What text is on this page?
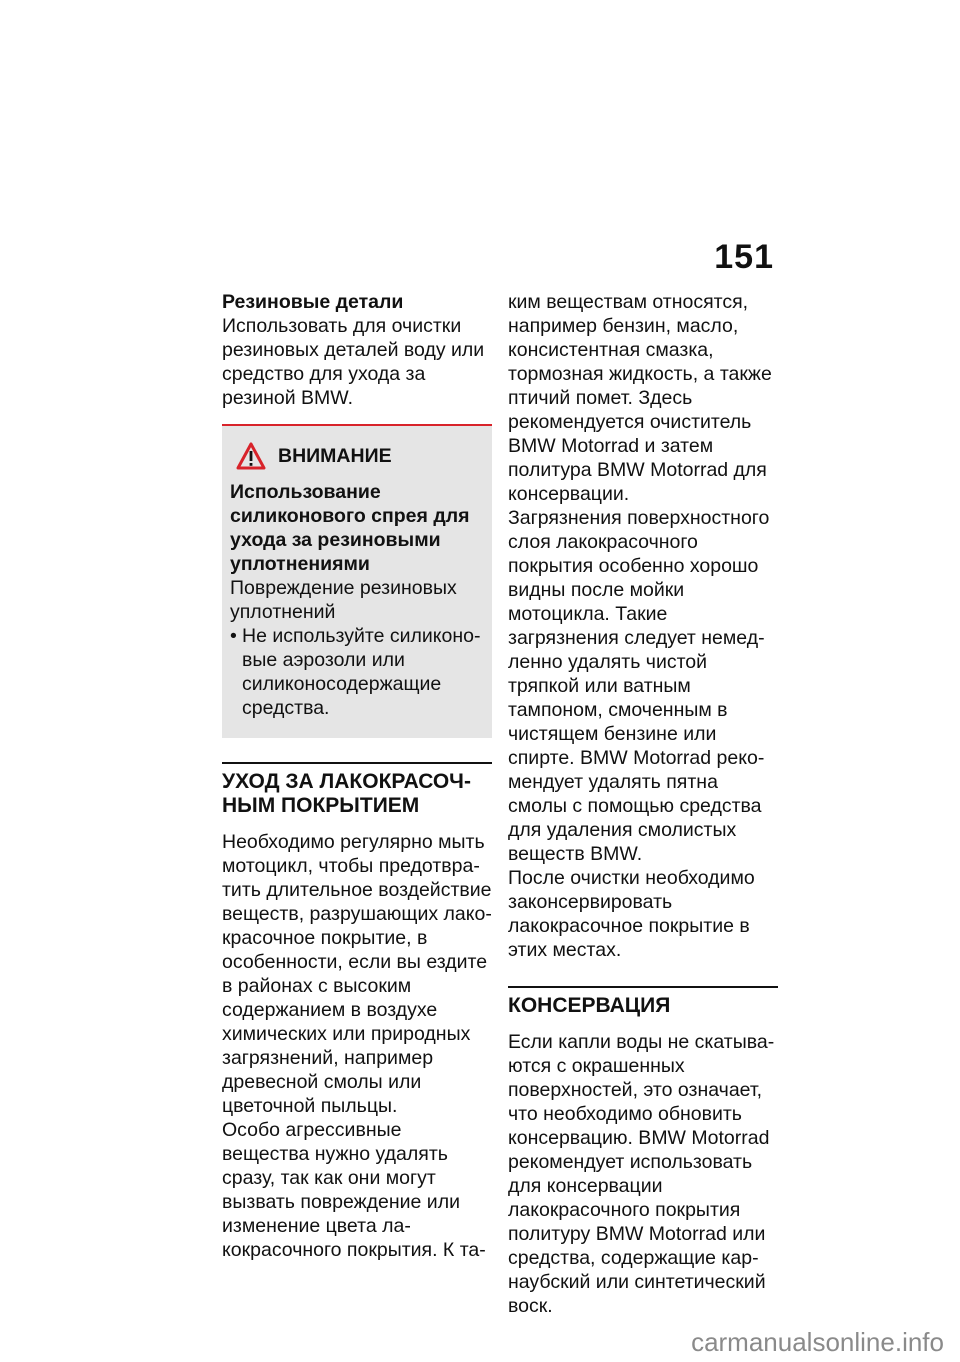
151

Резиновые детали

Использовать для очистки резиновых деталей воду или средство для ухода за резиной BMW.

ВНИМАНИЕ

Использование силиконового спрея для ухода за резиновыми уплотнениями

Повреждение резиновых уплотнений

• Не используйте силиконовые аэрозоли или силиконосодержащие средства.

УХОД ЗА ЛАКОКРАСОЧНЫМ ПОКРЫТИЕМ

Необходимо регулярно мыть мотоцикл, чтобы предотвратить длительное воздействие веществ, разрушающих лакокрасочное покрытие, в особенности, если вы ездите в районах с высоким содержанием в воздухе химических или природных загрязнений, например древесной смолы или цветочной пыльцы.

Особо агрессивные вещества нужно удалять сразу, так как они могут вызвать повреждение или изменение цвета лакокрасочного покрытия. К та-

ким веществам относятся, например бензин, масло, консистентная смазка, тормозная жидкость, а также птичий помет. Здесь рекомендуется очиститель BMW Motorrad и затем политура BMW Motorrad для консервации.

Загрязнения поверхностного слоя лакокрасочного покрытия особенно хорошо видны после мойки мотоцикла. Такие загрязнения следует немедленно удалять чистой тряпкой или ватным тампоном, смоченным в чистящем бензине или спирте. BMW Motorrad рекомендует удалять пятна смолы с помощью средства для удаления смолистых веществ BMW.

После очистки необходимо законсервировать лакокрасочное покрытие в этих местах.

КОНСЕРВАЦИЯ

Если капли воды не скатываются с окрашенных поверхностей, это означает, что необходимо обновить консервацию. BMW Motorrad рекомендует использовать для консервации лакокрасочного покрытия политуру BMW Motorrad или средства, содержащие карнаубский или синтетический воск.

carmanualsonline.info
